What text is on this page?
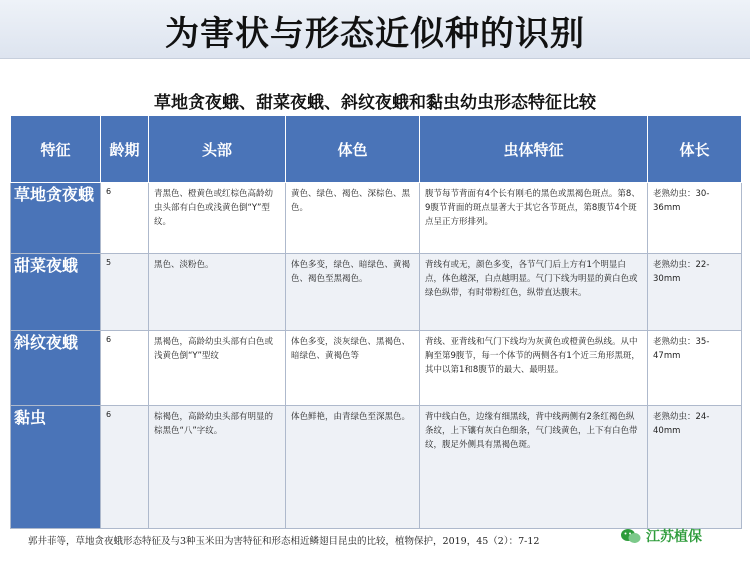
为害状与形态近似种的识别
草地贪夜蛾、甜菜夜蛾、斜纹夜蛾和黏虫幼虫形态特征比较
特征	龄期	头部	体色	虫体特征	体长
草地贪夜蛾	6	青黑色、橙黄色或红棕色高龄幼虫头部有白色或浅黄色倒“Y”型纹。	黄色、绿色、褐色、深棕色、黑色。	腹节每节背面有4个长有刚毛的黑色或黑褐色斑点。第8、9腹节背面的斑点显著大于其它各节斑点，第8腹节4个斑点呈正方形排列。	老熟幼虫：30- 36mm
甜菜夜蛾	5	黑色、淡粉色。	体色多变，绿色、暗绿色、黄褐色、褐色至黑褐色。	背线有或无，颜色多变，各节气门后上方有1个明显白点，体色越深，白点越明显。气门下线为明显的黄白色或绿色纵带，有时带粉红色，纵带直达腹末。	老熟幼虫：22- 30mm
斜纹夜蛾	6	黑褐色，高龄幼虫头部有白色或浅黄色倒“Y”型纹	体色多变，淡灰绿色、黑褐色、暗绿色、黄褐色等	背线、亚背线和气门下线均为灰黄色或橙黄色纵线。从中胸至第9腹节，每一个体节的两侧各有1个近三角形黑斑，其中以第1和8腹节的最大、最明显。	老熟幼虫：35-47mm
黏虫	6	棕褐色，高龄幼虫头部有明显的棕黑色“八”字纹。	体色鲜艳，由青绿色至深黑色。	背中线白色，边缘有细黑线，背中线两侧有2条红褐色纵条纹，上下镶有灰白色细条，气门线黄色，上下有白色带纹，腹足外侧具有黑褐色斑。	老熟幼虫：24- 40mm
郭井菲等，草地贪夜蛾形态特征及与3种玉米田为害特征和形态相近鳞翅目昆虫的比较，植物保护，2019，45（2）：7-12	江苏植保
